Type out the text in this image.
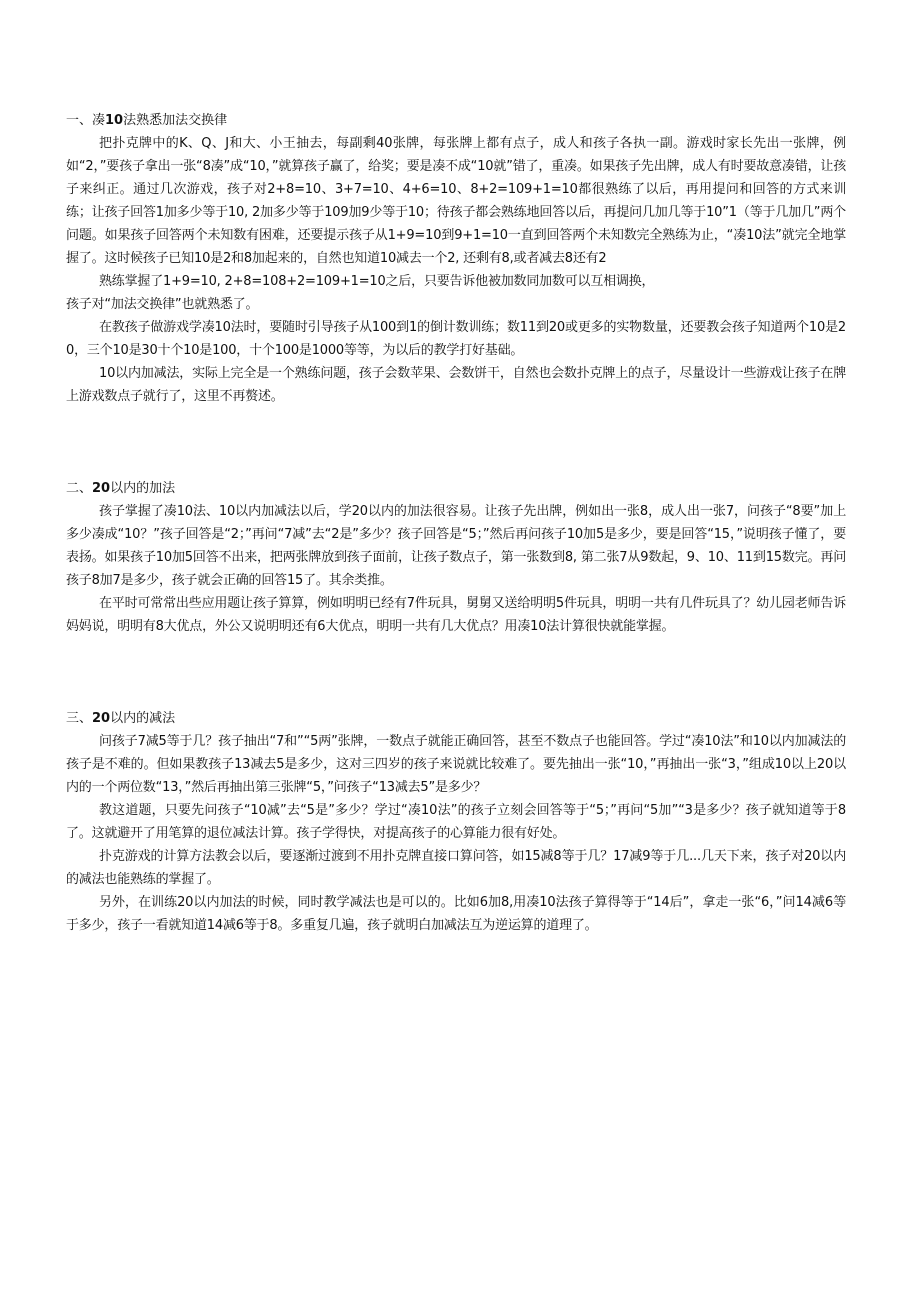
一、凑10法熟悉加法交换律

把扑克牌中的K、Q、J和大、小王抽去，每副剩40张牌，每张牌上都有点子，成人和孩子各执一副。游戏时家长先出一张牌，例如“2，”要孩子拿出一张“8凑”成“10，”就算孩子赢了，给奖；要是凑不成“10就”错了，重凑。如果孩子先出牌，成人有时要故意凑错，让孩子来纠正。通过几次游戏，孩子对2+8=10、3+7=10、4+6=10、8+2=109+1=10都很熟练了以后，再用提问和回答的方式来训练；让孩子回答1加多少等于10, 2加多少等于109加9少等于10；待孩子都会熟练地回答以后，再提问几加几等于10”1（等于几加几”两个问题。如果孩子回答两个未知数有困难，还要提示孩子从1+9=10到9+1=10一直到回答两个未知数完全熟练为止，“凑10法”就完全地掌握了。这时候孩子已知10是2和8加起来的，自然也知道10减去一个2, 还剩有8,或者减去8还有2

熟练掌握了1+9=10, 2+8=108+2=109+1=10之后，只要告诉他被加数同加数可以互相调换，

孩子对“加法交换律”也就熟悉了。

在教孩子做游戏学凑10法时，要随时引导孩子从100到1的倒计数训练；数11到20或更多的实物数量，还要教会孩子知道两个10是20，三个10是30十个10是100，十个100是1000等等，为以后的教学打好基础。

10以内加减法，实际上完全是一个熟练问题，孩子会数苹果、会数饼干，自然也会数扑克牌上的点子，尽量设计一些游戏让孩子在牌上游戏数点子就行了，这里不再赘述。

二、20以内的加法

孩子掌握了凑10法、10以内加减法以后，学20以内的加法很容易。让孩子先出牌，例如出一张8，成人出一张7，问孩子“8要”加上多少凑成“10？”孩子回答是“2；”再问“7减”去“2是”多少？孩子回答是“5；”然后再问孩子10加5是多少，要是回答“15，”说明孩子懂了，要表扬。如果孩子10加5回答不出来，把两张牌放到孩子面前，让孩子数点子，第一张数到8, 第二张7从9数起，9、10、11到15数完。再问孩子8加7是多少，孩子就会正确的回答15了。其余类推。

在平时可常常出些应用题让孩子算算，例如明明已经有7件玩具，舅舅又送给明明5件玩具，明明一共有几件玩具了？幼儿园老师告诉妈妈说，明明有8大优点，外公又说明明还有6大优点，明明一共有几大优点？用凑10法计算很快就能掌握。

三、20以内的减法

问孩子7减5等于几？孩子抽出“7和”“5两”张牌，一数点子就能正确回答，甚至不数点子也能回答。学过“凑10法”和10以内加减法的孩子是不难的。但如果教孩子13减去5是多少，这对三四岁的孩子来说就比较难了。要先抽出一张“10，”再抽出一张“3，”组成10以上20以内的一个两位数“13，”然后再抽出第三张牌“5，”问孩子“13减去5”是多少？

教这道题，只要先问孩子“10减”去“5是”多少？学过“凑10法”的孩子立刻会回答等于“5；”再问“5加”“3是多少？孩子就知道等于8了。这就避开了用笔算的退位减法计算。孩子学得快，对提高孩子的心算能力很有好处。

扑克游戏的计算方法教会以后，要逐渐过渡到不用扑克牌直接口算问答，如15减8等于几？17减9等于几...几天下来，孩子对20以内的减法也能熟练的掌握了。

另外，在训练20以内加法的时候，同时教学减法也是可以的。比如6加8,用凑10法孩子算得等于“14后”，拿走一张“6，”问14减6等于多少，孩子一看就知道14减6等于8。多重复几遍，孩子就明白加减法互为逆运算的道理了。
